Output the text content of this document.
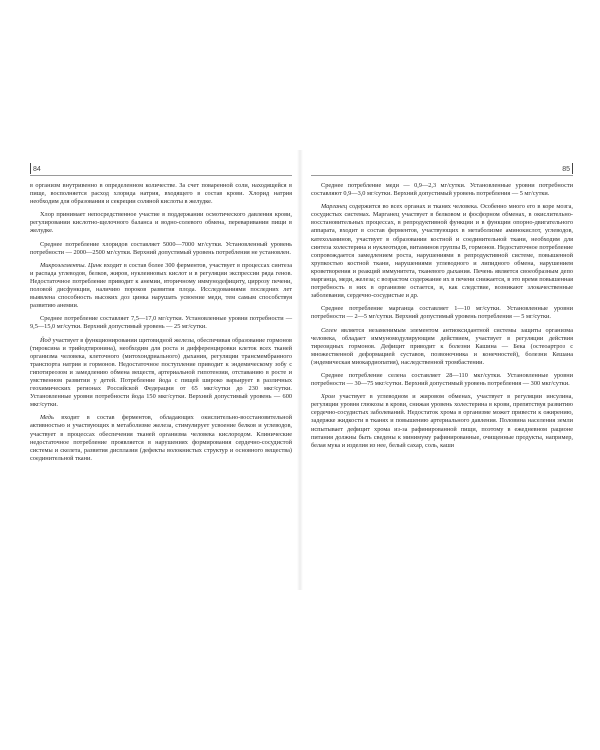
84

в организм внутривенно в определенном количестве. За счет поваренной соли, находящейся в пище, восполняется расход хлорида натрия, входящего в состав крови. Хлорид натрия необходим для образования и секреции соляной кислоты в желудке.

Хлор принимает непосредственное участие в поддержании осмотического давления крови, регулировании кислотно-щелочного баланса и водно-солевого обмена, переваривании пищи в желудке.

Среднее потребление хлоридов составляет 5000—7000 мг/сутки. Установленный уровень потребности — 2000—2500 мг/сутки. Верхний допустимый уровень потребления не установлен.

Микроэлементы. Цинк входит в состав более 300 ферментов, участвует в процессах синтеза и распада углеводов, белков, жиров, нуклеиновых кислот и в регуляции экспрессии ряда генов. Недостаточное потребление приводит к анемии, вторичному иммунодефициту, циррозу печени, половой дисфункции, наличию пороков развития плода. Исследованиями последних лет выявлена способность высоких доз цинка нарушать усвоение меди, тем самым способствуя развитию анемии.

Среднее потребление составляет 7,5—17,0 мг/сутки. Установленные уровни потребности — 9,5—15,0 мг/сутки. Верхний допустимый уровень — 25 мг/сутки.

Йод участвует в функционировании щитовидной железы, обеспечивая образование гормонов (тироксина и трийодтиронина), необходим для роста и дифференцировки клеток всех тканей организма человека, клеточного (митохондриального) дыхания, регуляции трансмембранного транспорта натрия и гормонов. Недостаточное поступление приводит к эндемическому зобу с гипотиреозом и замедлению обмена веществ, артериальной гипотензии, отставанию в росте и умственном развитии у детей. Потребление йода с пищей широко варьирует в различных геохимических регионах Российской Федерации от 65 мкг/сутки до 230 мкг/сутки. Установленные уровни потребности йода 150 мкг/сутки. Верхний допустимый уровень — 600 мкг/сутки.

Медь входит в состав ферментов, обладающих окислительно-восстановительной активностью и участвующих в метаболизме железа, стимулирует усвоение белков и углеводов, участвует в процессах обеспечения тканей организма человека кислородом. Клинические недостаточное потребление проявляется в нарушениях формирования сердечно-сосудистой системы и скелета, развития дисплазии (дефекты волокнистых структур и основного вещества) соединительной ткани.

85

Среднее потребление меди — 0,9—2,3 мг/сутки. Установленные уровни потребности составляют 0,9—3,0 мг/сутки. Верхний допустимый уровень потребления — 5 мг/сутки.

Марганец содержится во всех органах и тканях человека. Особенно много его в коре мозга, сосудистых системах. Марганец участвует в белковом и фосфорном обменах, в окислительно-восстановительных процессах, в репродуктивной функции и в функции опорно-двигательного аппарата, входит в состав ферментов, участвующих в метаболизме аминокислот, углеводов, катехоламинов, участвует в образовании костной и соединительной ткани, необходим для синтеза холестерина и нуклеотидов, витаминов группы В, гормонов. Недостаточное потребление сопровождается замедлением роста, нарушениями в репродуктивной системе, повышенной хрупкостью костной ткани, нарушениями углеводного и липидного обмена, нарушением кроветворения и реакций иммунитета, тканевого дыхания. Печень является своеобразным депо марганца, меди, железа; с возрастом содержание их в печени снижается, в это время повышенная потребность в них в организме остается, и, как следствие, возникают злокачественные заболевания, сердечно-сосудистые и др.

Среднее потребление марганца составляет 1—10 мг/сутки. Установленные уровни потребности — 2—5 мг/сутки. Верхний допустимый уровень потребления — 5 мг/сутки.

Селен является незаменимым элементом антиоксидантной системы защиты организма человека, обладает иммуномодулирующим действием, участвует в регуляции действия тиреоидных гормонов. Дефицит приводит к болезни Кашина — Бека (остеоартроз с множественной деформацией суставов, позвоночника и конечностей), болезни Кешана (эндемическая миокардиопатия), наследственной тромбастении.

Среднее потребление селена составляет 28—110 мкг/сутки. Установленные уровни потребности — 30—75 мкг/сутки. Верхний допустимый уровень потребления — 300 мкг/сутки.

Хром участвует в углеводном и жировом обменах, участвует в регуляции инсулина, регуляции уровня глюкозы в крови, снижая уровень холестерина в крови, препятствуя развитию сердечно-сосудистых заболеваний. Недостаток хрома в организме может привести к ожирению, задержке жидкости в тканях и повышению артериального давления. Половина населения земли испытывает дефицит хрома из-за рафинированной пищи, поэтому в ежедневном рационе питания должны быть сведены к минимуму рафинированные, очищенные продукты, например, белая мука и изделия из нее, белый сахар, соль, каши
